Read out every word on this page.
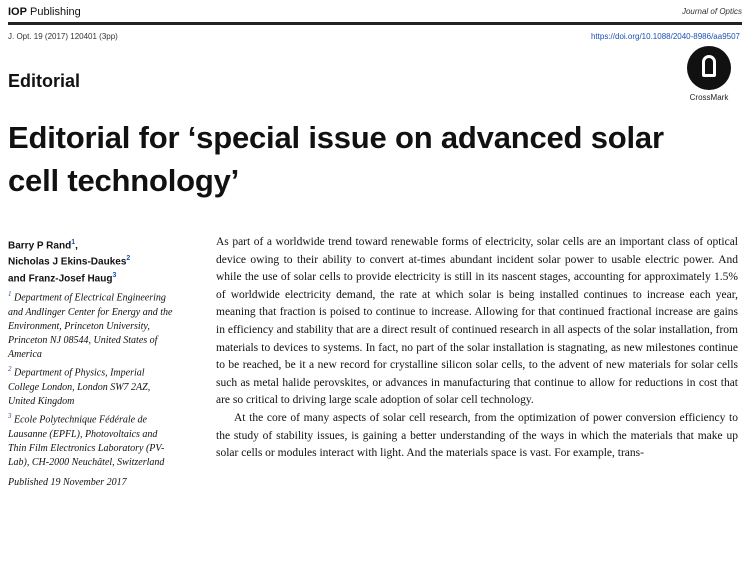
IOP Publishing	Journal of Optics
J. Opt. 19 (2017) 120401 (3pp)	https://doi.org/10.1088/2040-8986/aa9507
Editorial
CrossMark
Editorial for ‘special issue on advanced solar
cell technology’
Barry P Rand$^1$,
Nicholas J Ekins-Daukes$^2$
and Franz-Josef Haug$^3$
$^1$ Department of Electrical Engineering and Andlinger Center for Energy and the Environment, Princeton University, Princeton NJ 08544, United States of America
$^2$ Department of Physics, Imperial College London, London SW7 2AZ, United Kingdom
$^3$ Ecole Polytechnique Fédérale de Lausanne (EPFL), Photovoltaics and Thin Film Electronics Laboratory (PV-Lab), CH-2000 Neuchâtel, Switzerland
Published 19 November 2017

As part of a worldwide trend toward renewable forms of electricity, solar cells are an important class of optical device owing to their ability to convert at-times abundant incident solar power to usable electric power. And while the use of solar cells to provide electricity is still in its nascent stages, accounting for approximately 1.5% of worldwide electricity demand, the rate at which solar is being installed continues to increase each year, meaning that fraction is poised to continue to increase. Allowing for that continued fractional increase are gains in efficiency and stability that are a direct result of continued research in all aspects of the solar installation, from materials to devices to systems. In fact, no part of the solar installation is stagnating, as new milestones continue to be reached, be it a new record for crystalline silicon solar cells, to the advent of new materials for solar cells such as metal halide perovskites, or advances in manufacturing that continue to allow for reductions in cost that are so critical to driving large scale adoption of solar cell technology.

At the core of many aspects of solar cell research, from the optimization of power conversion efficiency to the study of stability issues, is gaining a better understanding of the ways in which the materials that make up solar cells or modules interact with light. And the materials space is vast. For example, trans-
